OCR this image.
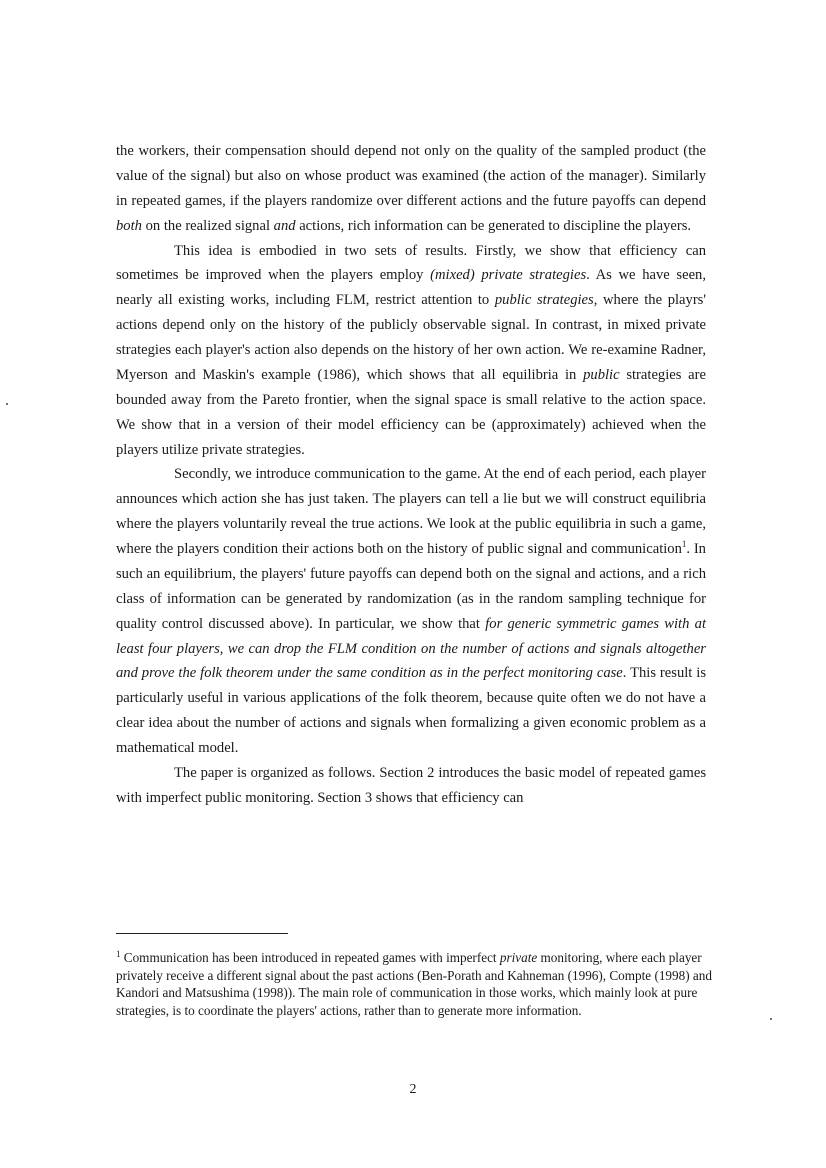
the workers, their compensation should depend not only on the quality of the sampled product (the value of the signal) but also on whose product was examined (the action of the manager). Similarly in repeated games, if the players randomize over different actions and the future payoffs can depend both on the realized signal and actions, rich information can be generated to discipline the players.

This idea is embodied in two sets of results. Firstly, we show that efficiency can sometimes be improved when the players employ (mixed) private strategies. As we have seen, nearly all existing works, including FLM, restrict attention to public strategies, where the playrs' actions depend only on the history of the publicly observable signal. In contrast, in mixed private strategies each player's action also depends on the history of her own action. We re-examine Radner, Myerson and Maskin's example (1986), which shows that all equilibria in public strategies are bounded away from the Pareto frontier, when the signal space is small relative to the action space. We show that in a version of their model efficiency can be (approximately) achieved when the players utilize private strategies.

Secondly, we introduce communication to the game. At the end of each period, each player announces which action she has just taken. The players can tell a lie but we will construct equilibria where the players voluntarily reveal the true actions. We look at the public equilibria in such a game, where the players condition their actions both on the history of public signal and communication$^1$. In such an equilibrium, the players' future payoffs can depend both on the signal and actions, and a rich class of information can be generated by randomization (as in the random sampling technique for quality control discussed above). In particular, we show that for generic symmetric games with at least four players, we can drop the FLM condition on the number of actions and signals altogether and prove the folk theorem under the same condition as in the perfect monitoring case. This result is particularly useful in various applications of the folk theorem, because quite often we do not have a clear idea about the number of actions and signals when formalizing a given economic problem as a mathematical model.

The paper is organized as follows. Section 2 introduces the basic model of repeated games with imperfect public monitoring. Section 3 shows that efficiency can

$^1$ Communication has been introduced in repeated games with imperfect private monitoring, where each player privately receive a different signal about the past actions (Ben-Porath and Kahneman (1996), Compte (1998) and Kandori and Matsushima (1998)). The main role of communication in those works, which mainly look at pure strategies, is to coordinate the players' actions, rather than to generate more information.

2
